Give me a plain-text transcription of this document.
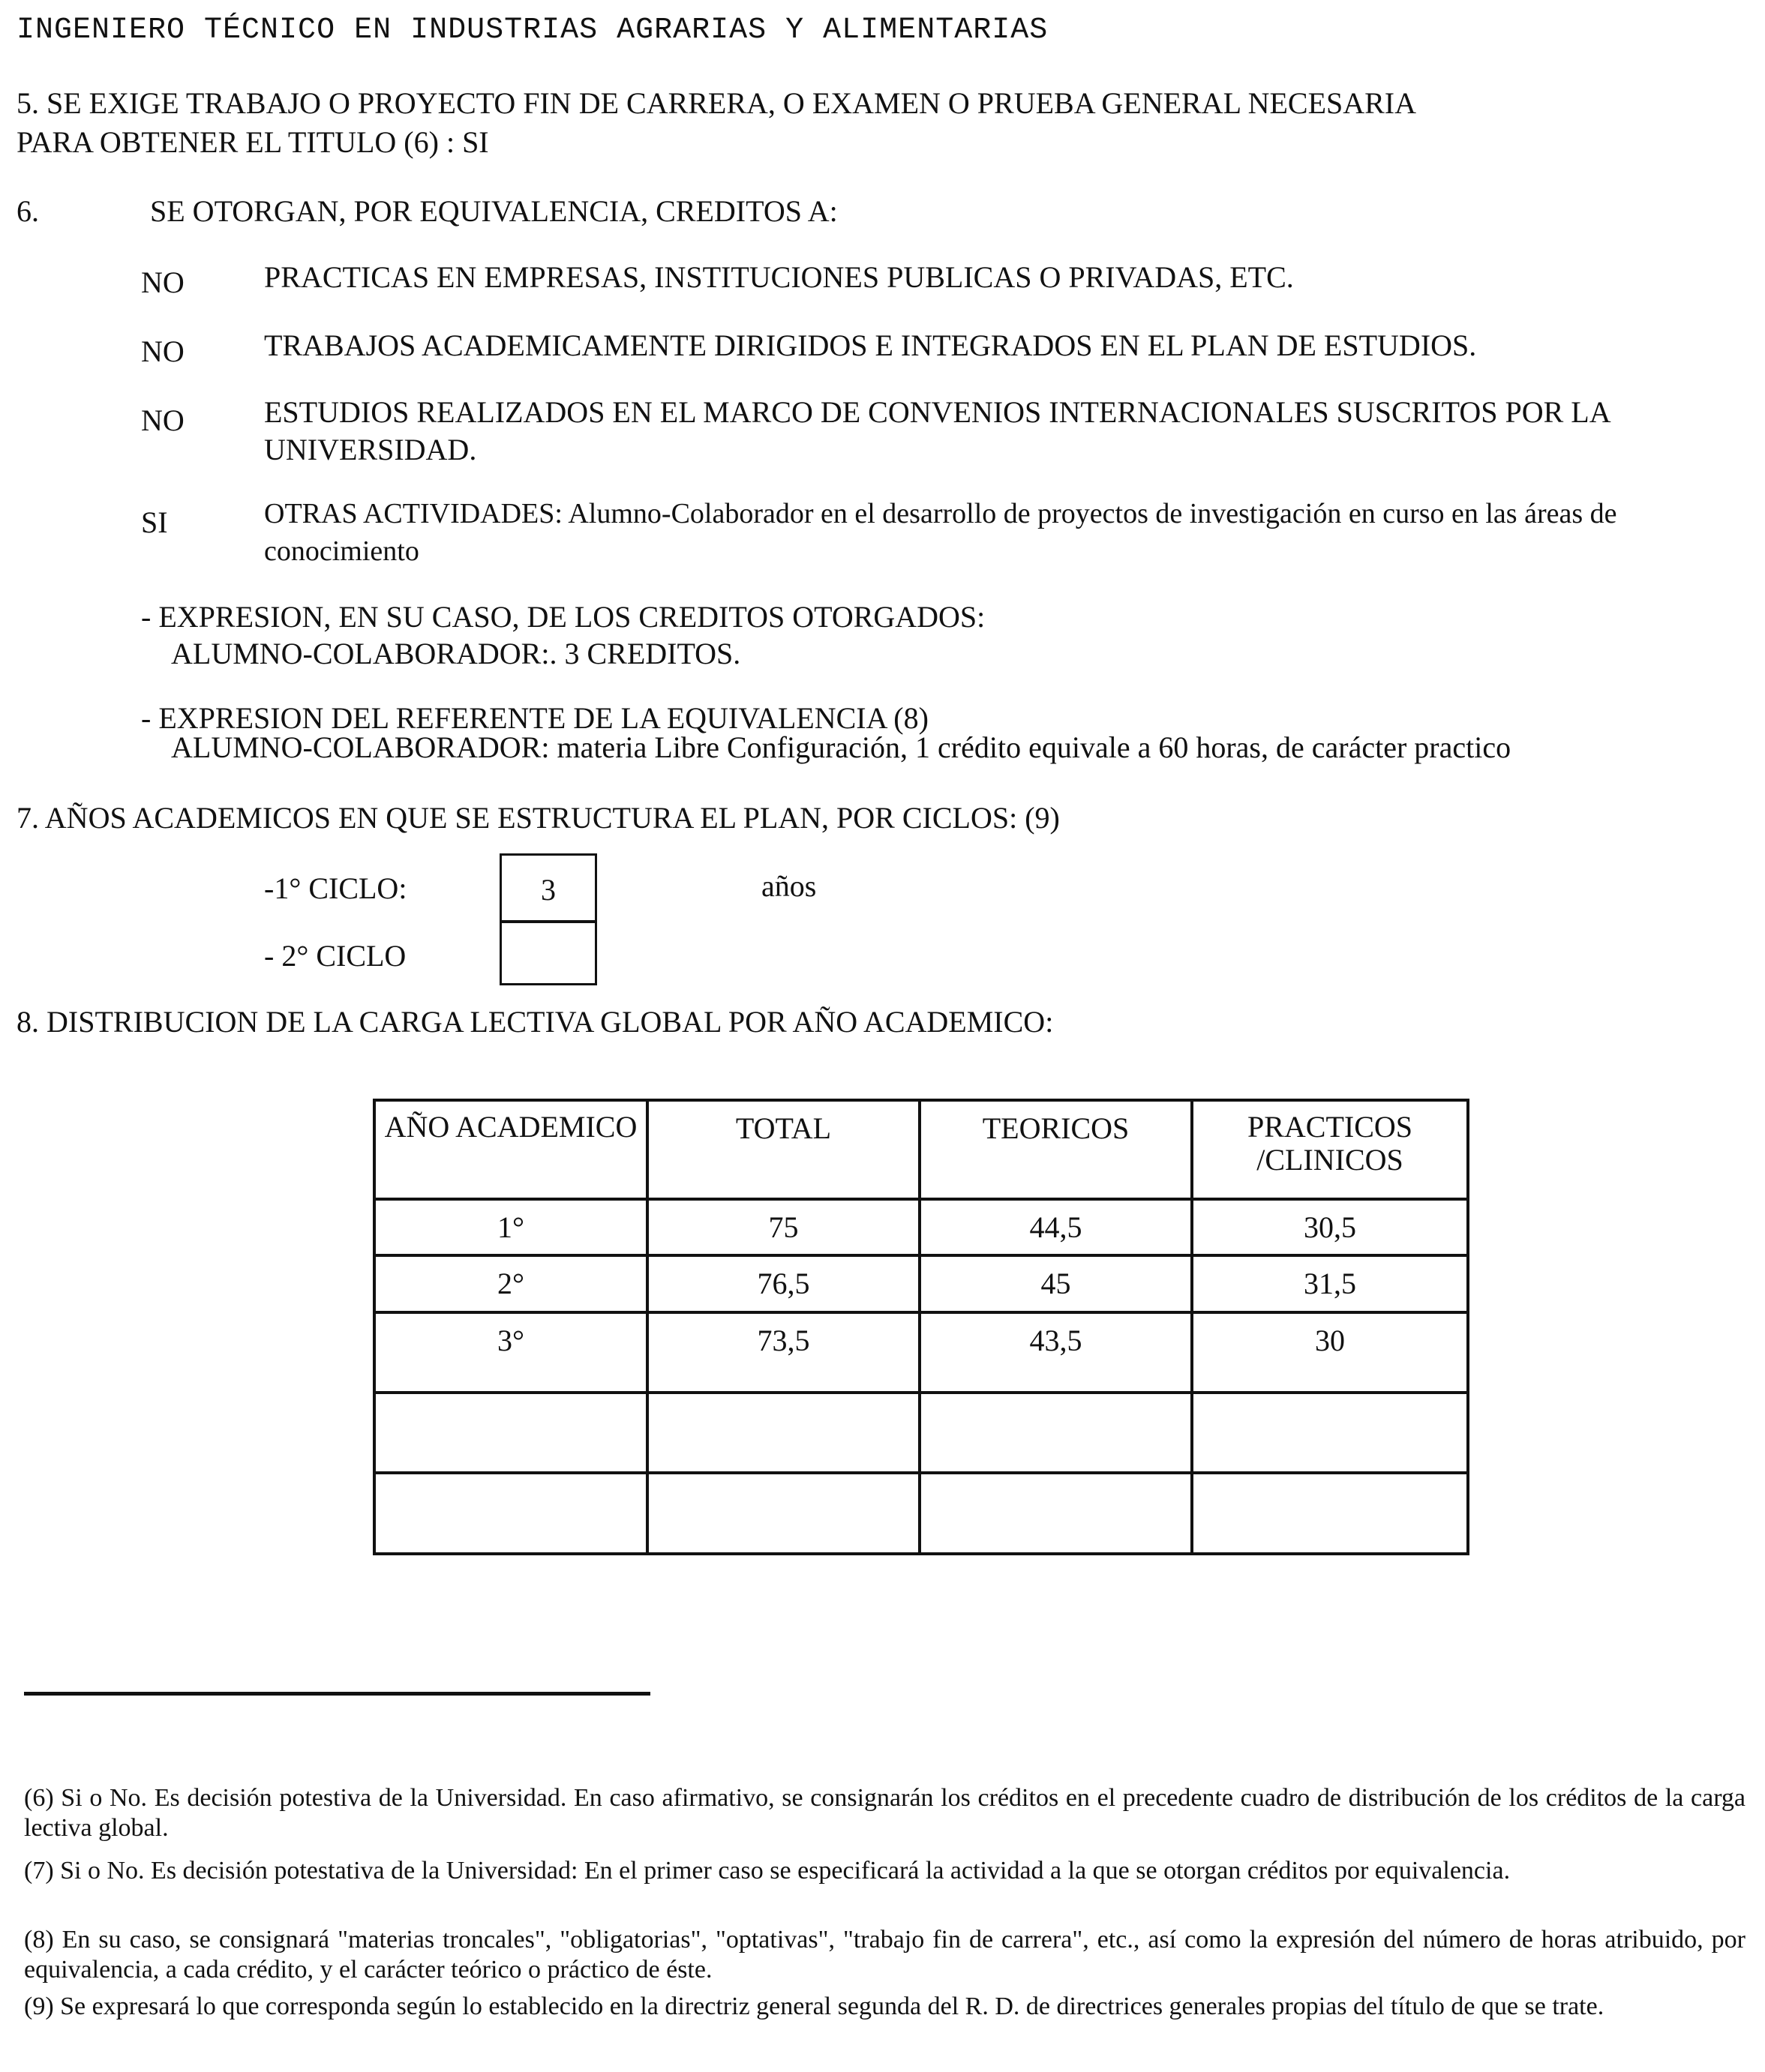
INGENIERO TÉCNICO EN INDUSTRIAS AGRARIAS Y ALIMENTARIAS
5. SE EXIGE TRABAJO O PROYECTO FIN DE CARRERA, O EXAMEN O PRUEBA GENERAL NECESARIA
PARA OBTENER EL TITULO (6) : SI
6.	SE OTORGAN, POR EQUIVALENCIA, CREDITOS A:
NO	PRACTICAS EN EMPRESAS, INSTITUCIONES PUBLICAS O PRIVADAS, ETC.
NO	TRABAJOS ACADEMICAMENTE DIRIGIDOS E INTEGRADOS EN EL PLAN DE ESTUDIOS.
NO	ESTUDIOS REALIZADOS EN EL MARCO DE CONVENIOS INTERNACIONALES SUSCRITOS POR LA UNIVERSIDAD.
SI	OTRAS ACTIVIDADES: Alumno-Colaborador en el desarrollo de proyectos de investigación en curso en las áreas de conocimiento
- EXPRESION, EN SU CASO, DE LOS CREDITOS OTORGADOS:
ALUMNO-COLABORADOR:. 3 CREDITOS.
- EXPRESION DEL REFERENTE DE LA EQUIVALENCIA (8)
ALUMNO-COLABORADOR: materia Libre Configuración, 1 crédito equivale a 60 horas, de carácter practico
7. AÑOS ACADEMICOS EN QUE SE ESTRUCTURA EL PLAN, POR CICLOS: (9)
-1° CICLO:	3	años
- 2° CICLO
8. DISTRIBUCION DE LA CARGA LECTIVA GLOBAL POR AÑO ACADEMICO:
AÑO ACADEMICO	TOTAL	TEORICOS	PRACTICOS /CLINICOS
1°	75	44,5	30,5
2°	76,5	45	31,5
3°	73,5	43,5	30

(6) Si o No. Es decisión potestiva de la Universidad. En caso afirmativo, se consignarán los créditos en el precedente cuadro de distribución de los créditos de la carga lectiva global.
(7) Si o No. Es decisión potestativa de la Universidad: En el primer caso se especificará la actividad a la que se otorgan créditos por equivalencia.
(8) En su caso, se consignará "materias troncales", "obligatorias", "optativas", "trabajo fin de carrera", etc., así como la expresión del número de horas atribuido, por equivalencia, a cada crédito, y el carácter teórico o práctico de éste.
(9) Se expresará lo que corresponda según lo establecido en la directriz general segunda del R. D. de directrices generales propias del título de que se trate.
